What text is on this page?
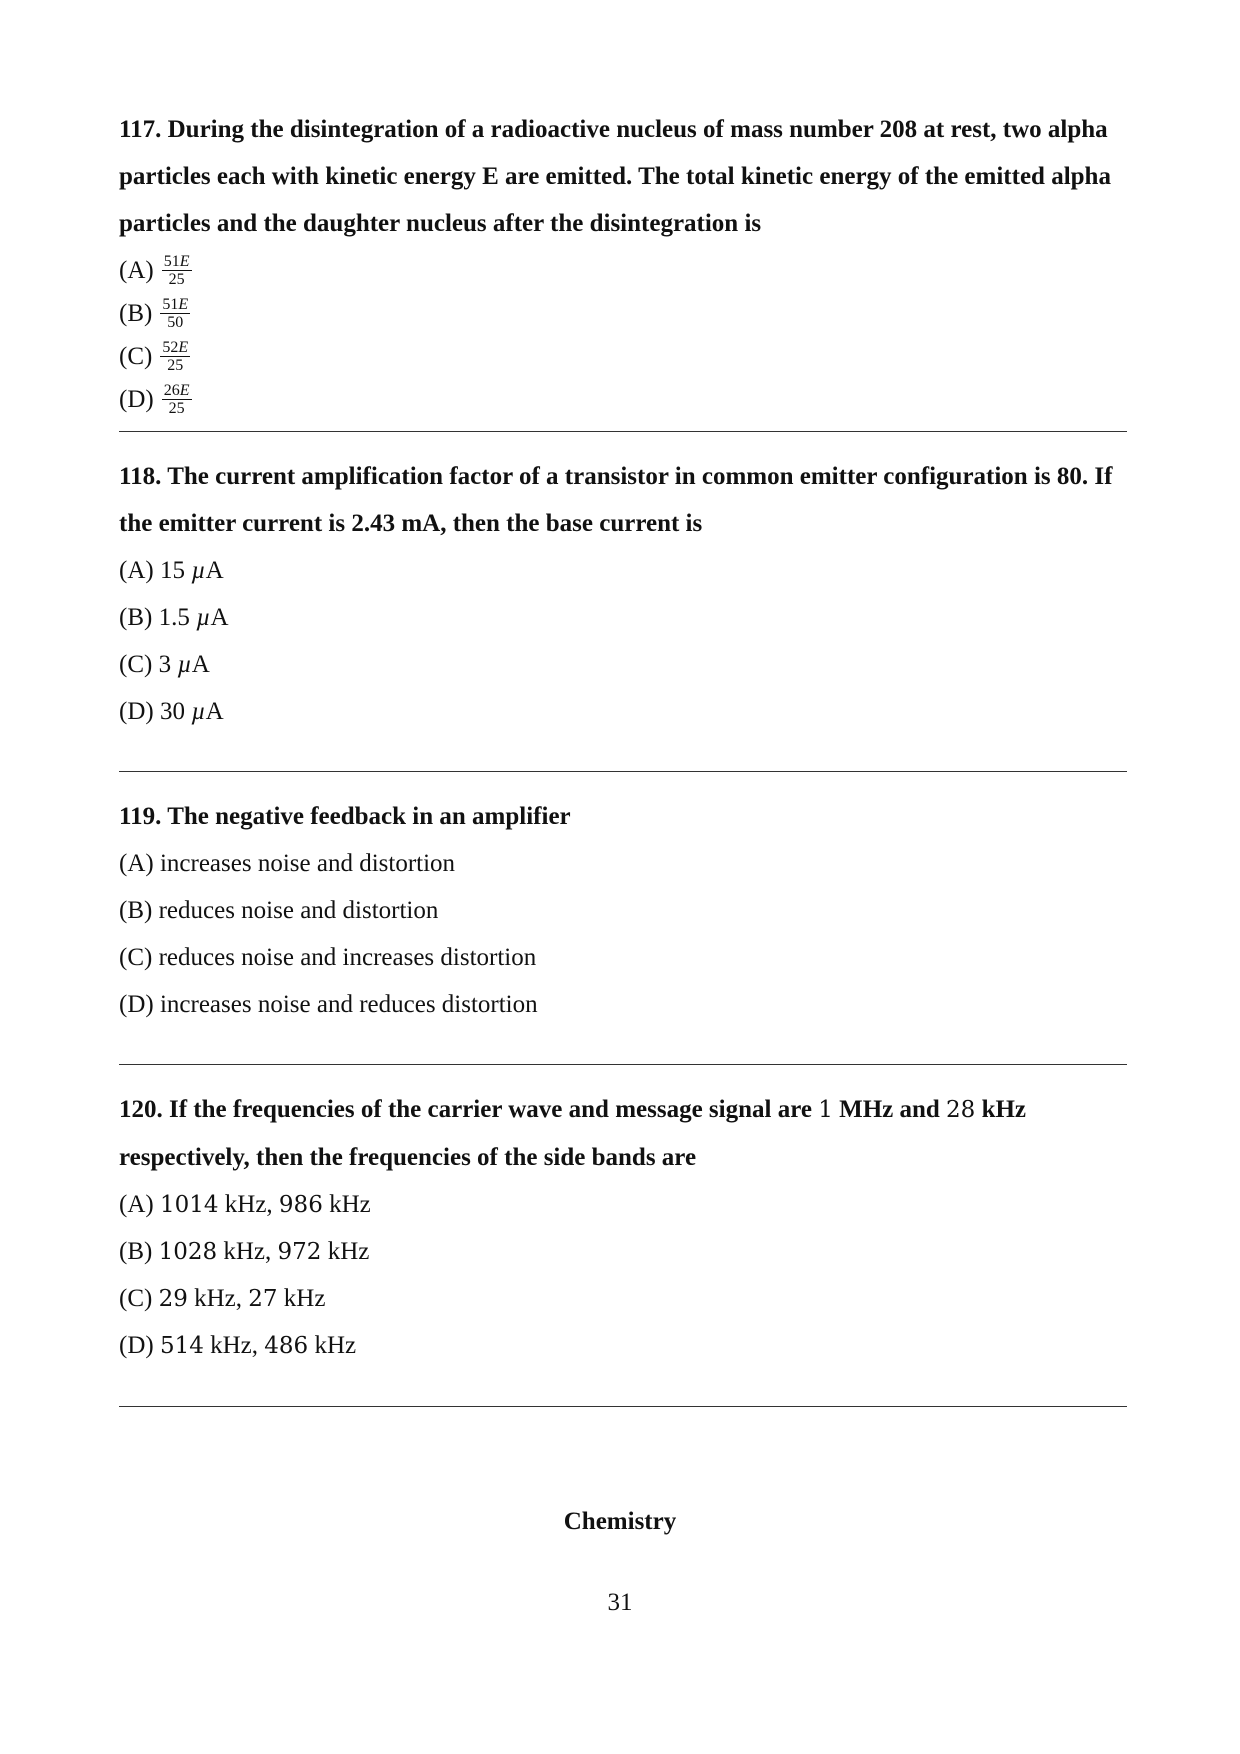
117. During the disintegration of a radioactive nucleus of mass number 208 at rest, two alpha particles each with kinetic energy E are emitted. The total kinetic energy of the emitted alpha particles and the daughter nucleus after the disintegration is

$(A) \frac{51E}{25}$
$(B) \frac{51E}{50}$
$(C) \frac{52E}{25}$
$(D) \frac{26E}{25}$

118. The current amplification factor of a transistor in common emitter configuration is 80. If the emitter current is 2.43 mA, then the base current is

(A) 15 µA

(B) 1.5 µA

(C) 3 µA

(D) 30 µA

119. The negative feedback in an amplifier

(A) increases noise and distortion

(B) reduces noise and distortion

(C) reduces noise and increases distortion

(D) increases noise and reduces distortion

120. If the frequencies of the carrier wave and message signal are 1 MHz and 28 kHz respectively, then the frequencies of the side bands are

(A) 1014 kHz, 986 kHz

(B) 1028 kHz, 972 kHz

(C) 29 kHz, 27 kHz

(D) 514 kHz, 486 kHz

Chemistry
31
